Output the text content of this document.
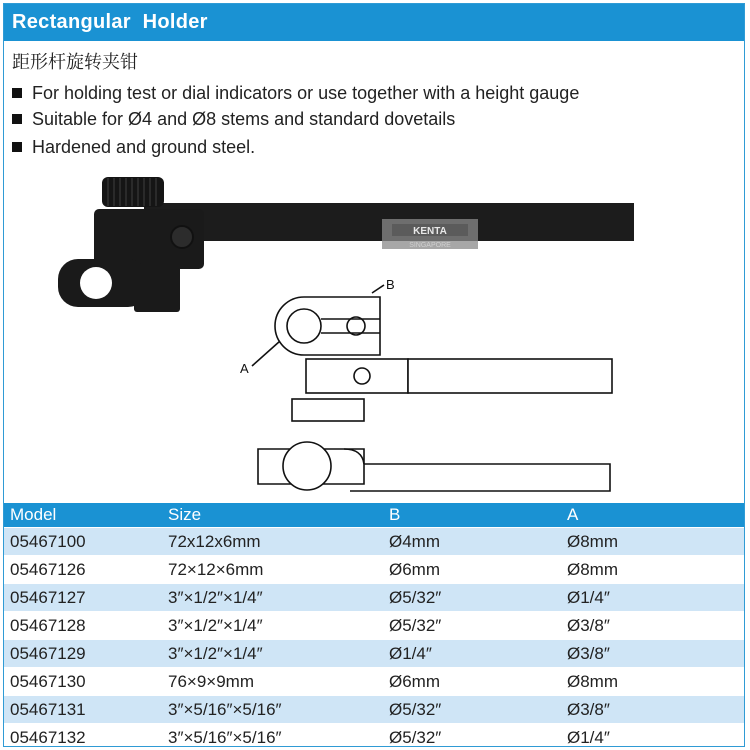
Rectangular  Holder
距形杆旋转夹钳
For holding test or dial indicators or use together with a height gauge
Suitable for Ø4 and Ø8 stems and standard dovetails
Hardened and ground steel.
KENTA
SINGAPORE
B
A
Model	Size	B	A
05467100	72x12x6mm	Ø4mm	Ø8mm
05467126	72×12×6mm	Ø6mm	Ø8mm
05467127	3″×1/2″×1/4″	Ø5/32″	Ø1/4″
05467128	3″×1/2″×1/4″	Ø5/32″	Ø3/8″
05467129	3″×1/2″×1/4″	Ø1/4″	Ø3/8″
05467130	76×9×9mm	Ø6mm	Ø8mm
05467131	3″×5/16″×5/16″	Ø5/32″	Ø3/8″
05467132	3″×5/16″×5/16″	Ø5/32″	Ø1/4″
